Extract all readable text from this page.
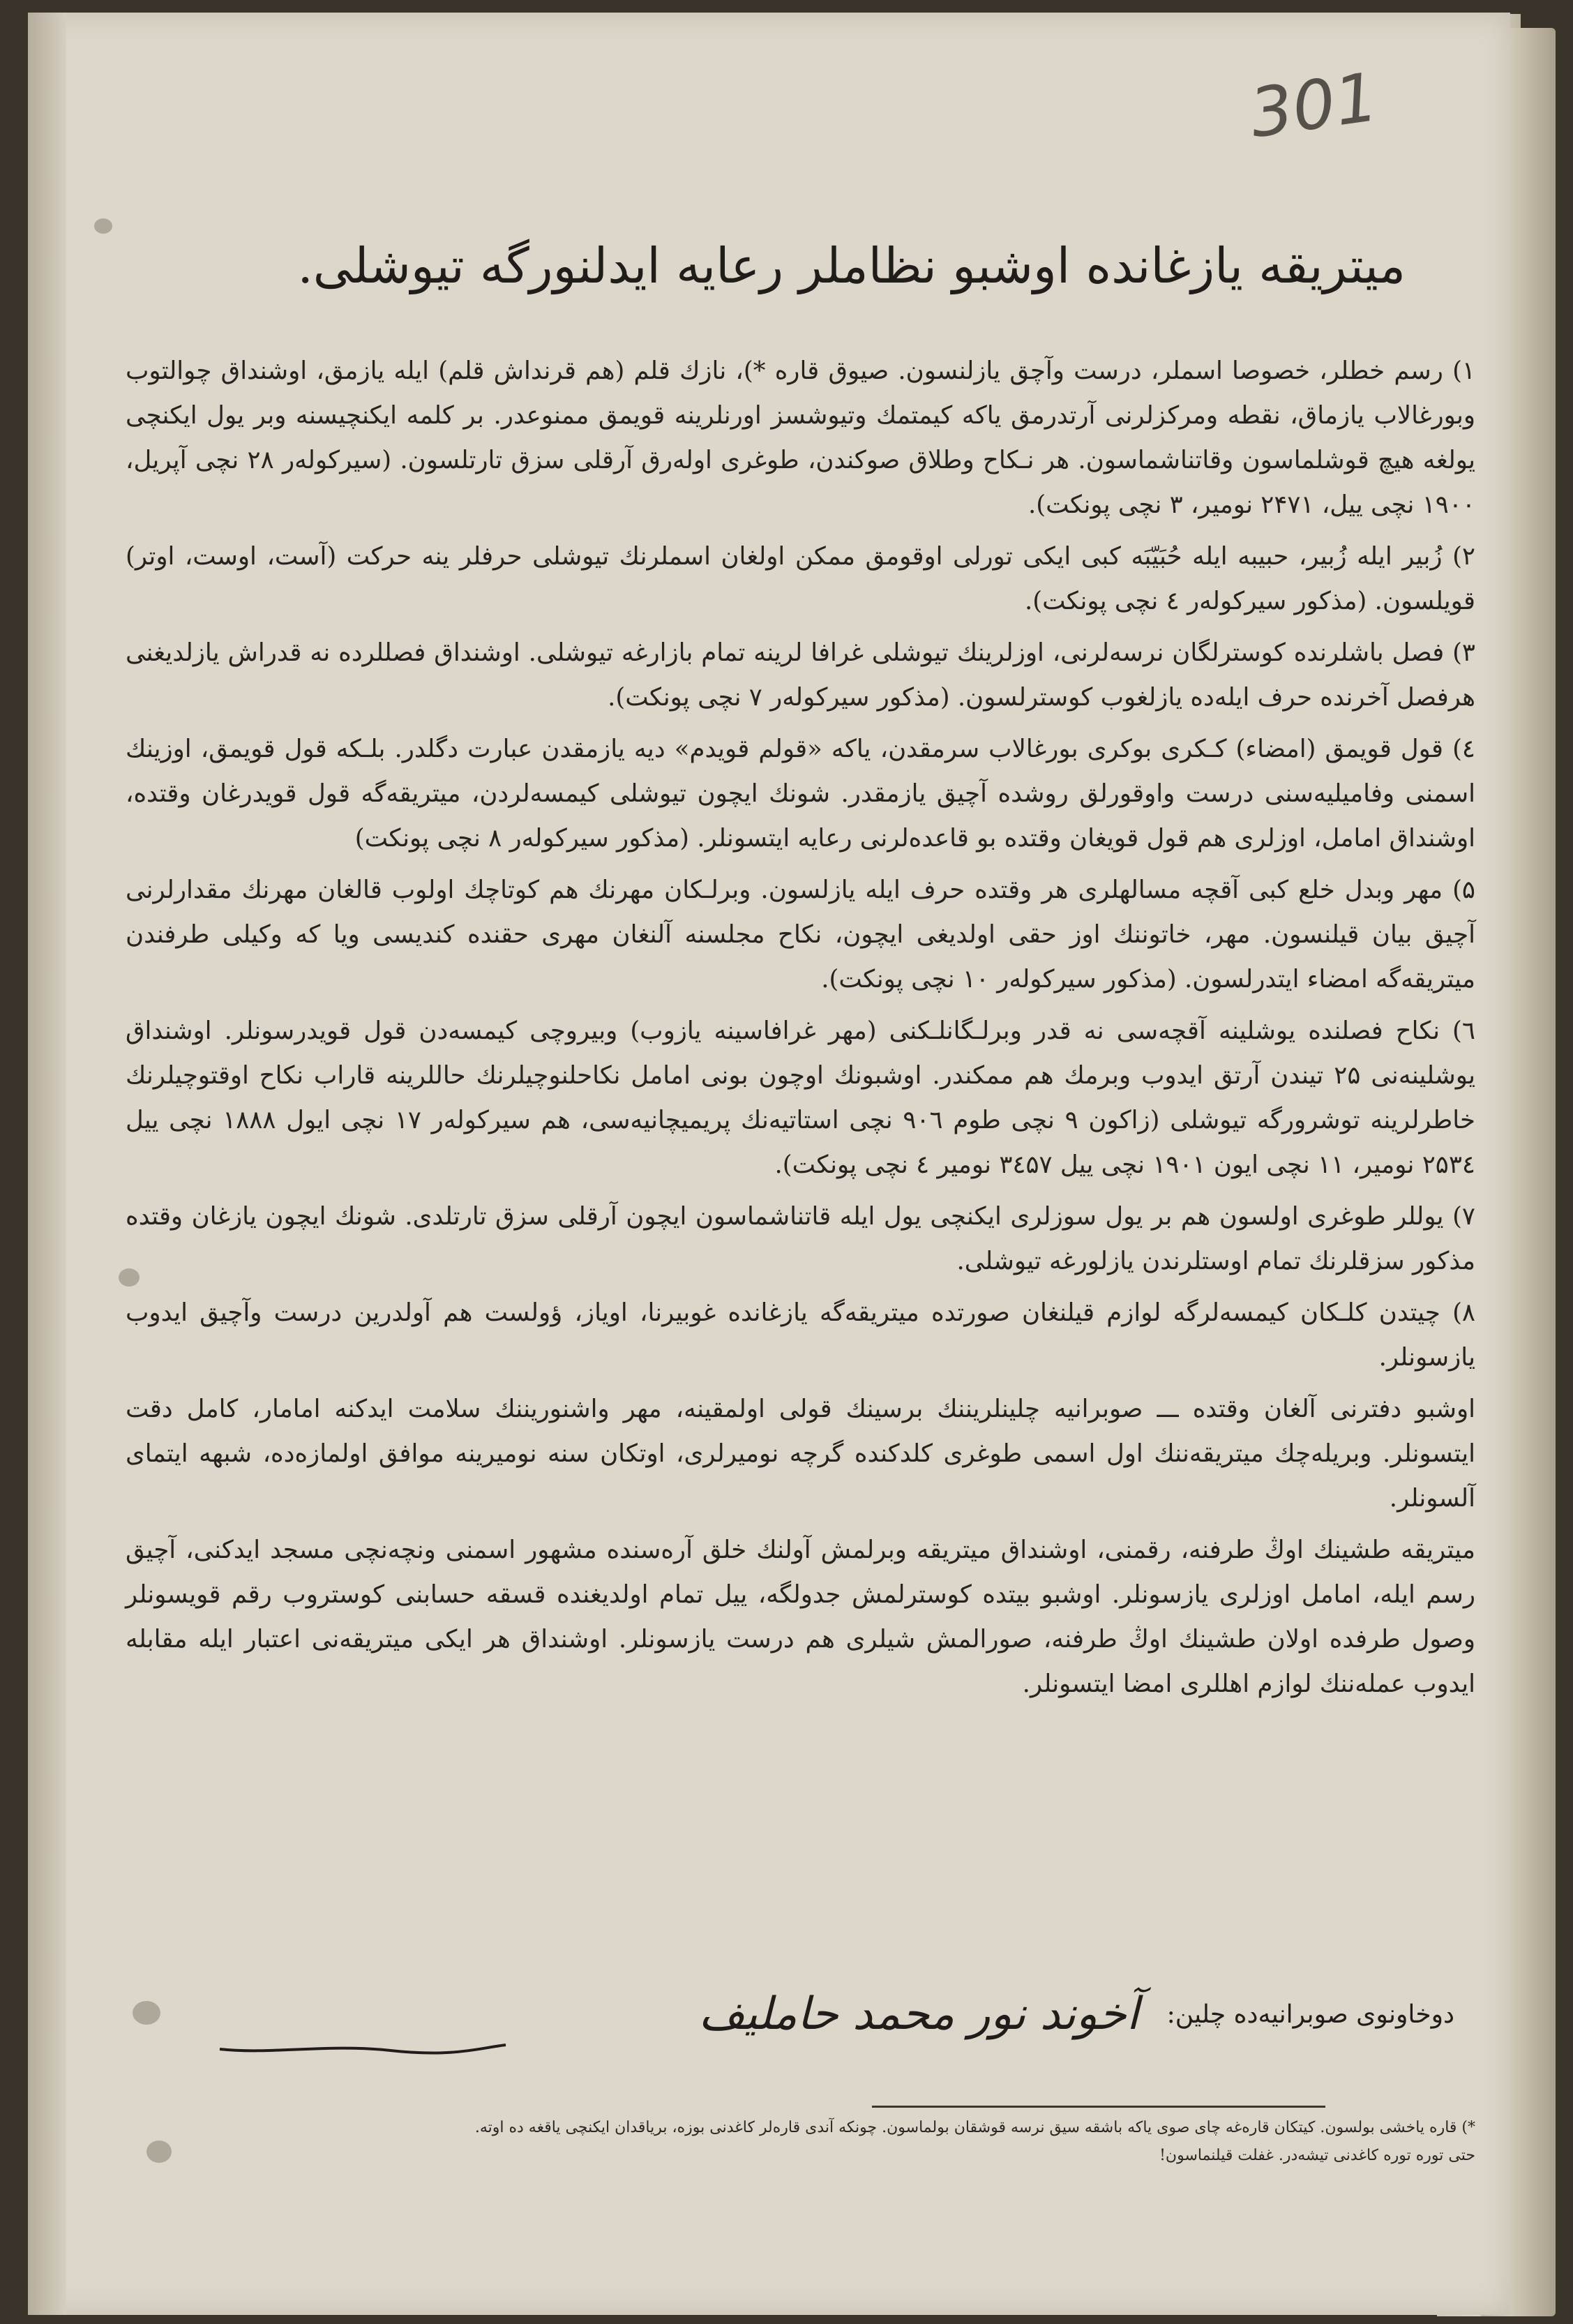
301
میتریقه یازغانده اوشبو نظاملر رعایه ایدلنورگه تیوشلی.

۱) رسم خطلر، خصوصا اسملر، درست وآچق یازلنسون. صیوق قاره *)، نازك قلم (هم قرنداش قلم) ایله یازمق، اوشنداق چوالتوب وبورغالاب یازماق، نقطه ومرکزلرنی آرتدرمق یاکه کیمتمك وتیوشسز اورنلرینه قویمق ممنوعدر. بر کلمه ایکنچیسنه وبر یول ایکنچی یولغه هیچ قوشلماسون وقاتناشماسون. هر نـکاح وطلاق صوکندن، طوغری اولەرق آرقلی سزق تارتلسون. (سیرکولەر ۲۸ نچی آپریل، ۱۹۰۰ نچی ییل، ۲۴۷۱ نومیر، ۳ نچی پونکت).

۲) زُبیر ایله زُبیر، حبیبه ایله حُبَیّبَه کبی ایکی تورلی اوقومق ممکن اولغان اسملرنك تیوشلی حرفلر ینه حرکت (آست، اوست، اوتر) قویلسون. (مذکور سیرکولەر ٤ نچی پونکت).

۳) فصل باشلرنده کوسترلگان نرسەلرنی، اوزلرینك تیوشلی غرافا لرینه تمام بازارغه تیوشلی. اوشنداق فصللرده نه قدراش یازلدیغنی هرفصل آخرنده حرف ایلەده یازلغوب کوسترلسون. (مذکور سیرکولەر ۷ نچی پونکت).

٤) قول قویمق (امضاء) کـکری بوکری بورغالاب سرمقدن، یاکه «قولم قویدم» دیه یازمقدن عبارت دگلدر. بلـکه قول قویمق، اوزینك اسمنی وفامیلیەسنی درست واوقورلق روشده آچیق یازمقدر. شونك ایچون تیوشلی کیمسەلردن، میتریقەگه قول قویدرغان وقتده، اوشنداق امامل، اوزلری هم قول قویغان وقتده بو قاعدەلرنی رعایه ایتسونلر. (مذکور سیرکولەر ۸ نچی پونکت)

۵) مهر وبدل خلع کبی آقچه مسالهلری هر وقتده حرف ایله یازلسون. وبرلـکان مهرنك هم کوتاچك اولوب قالغان مهرنك مقدارلرنی آچیق بیان قیلنسون. مهر، خاتوننك اوز حقی اولدیغی ایچون، نکاح مجلسنه آلنغان مهری حقنده کندیسی ویا که وکیلی طرفندن میتریقەگه امضاء ایتدرلسون. (مذکور سیرکولەر ۱۰ نچی پونکت).

٦) نکاح فصلنده یوشلینه آقچەسی نه قدر وبرلـگانلـکنی (مهر غرافاسینه یازوب) وبیروچی کیمسەدن قول قویدرسونلر. اوشنداق یوشلینەنی ۲۵ تیندن آرتق ایدوب وبرمك هم ممکندر. اوشبونك اوچون بونی امامل نکاحلنوچیلرنك حاللرینه قاراب نکاح اوقتوچیلرنك خاطرلرینه توشرورگه تیوشلی (زاکون ۹ نچی طوم ۹۰٦ نچی استاتیەنك پریمیچانیەسی، هم سیرکولەر ۱۷ نچی ایول ۱۸۸۸ نچی ییل ۲۵۳٤ نومیر، ۱۱ نچی ایون ۱۹۰۱ نچی ییل ۳٤۵۷ نومیر ٤ نچی پونکت).

۷) یوللر طوغری اولسون هم بر یول سوزلری ایکنچی یول ایله قاتناشماسون ایچون آرقلی سزق تارتلدی. شونك ایچون یازغان وقتده مذکور سزقلرنك تمام اوستلرندن یازلورغه تیوشلی.

۸) چیتدن کلـکان کیمسەلرگه لوازم قیلنغان صورتده میتریقەگه یازغانده غوبیرنا، اویاز، ؤولست هم آولدرین درست وآچیق ایدوب یازسونلر.

اوشبو دفترنی آلغان وقتده ـــ صوبرانیه چلینلریننك برسینك قولی اولمقینه، مهر واشنوریننك سلامت ایدکنه امامار، کامل دقت ایتسونلر. وبریلەچك میتریقەننك اول اسمی طوغری کلدکنده گرچه نومیرلری، اوتکان سنه نومیرینه موافق اولمازەده، شبهه ایتمای آلسونلر.

میتریقه طشینك اوڭ طرفنه، رقمنی، اوشنداق میتریقه وبرلمش آولنك خلق آرەسنده مشهور اسمنی ونچەنچی مسجد ایدکنی، آچیق رسم ایله، امامل اوزلری یازسونلر. اوشبو بیتده کوسترلمش جدولگه، ییل تمام اولدیغنده قسقه حسابنی کوستروب رقم قویسونلر وصول طرفدە اولان طشینك اوڭ طرفنه، صورالمش شیلری هم درست یازسونلر. اوشنداق هر ایکی میتریقەنی اعتبار ایله مقابله ایدوب عملەننك لوازم اهللری امضا ایتسونلر.

دوخاونوی صوبرانیەده چلین:
آخوند نور محمد حاملیف

*) قاره یاخشی بولسون. کیتکان قارەغه چای صوی یاکه باشقه سیق نرسه قوشقان بولماسون. چونکه آندی قارەلر کاغدنی بوزه، بریاقدان ایکنچی یاقغه ده اوته.

حتی توره توره کاغدنی تیشەدر. غفلت قیلنماسون!
